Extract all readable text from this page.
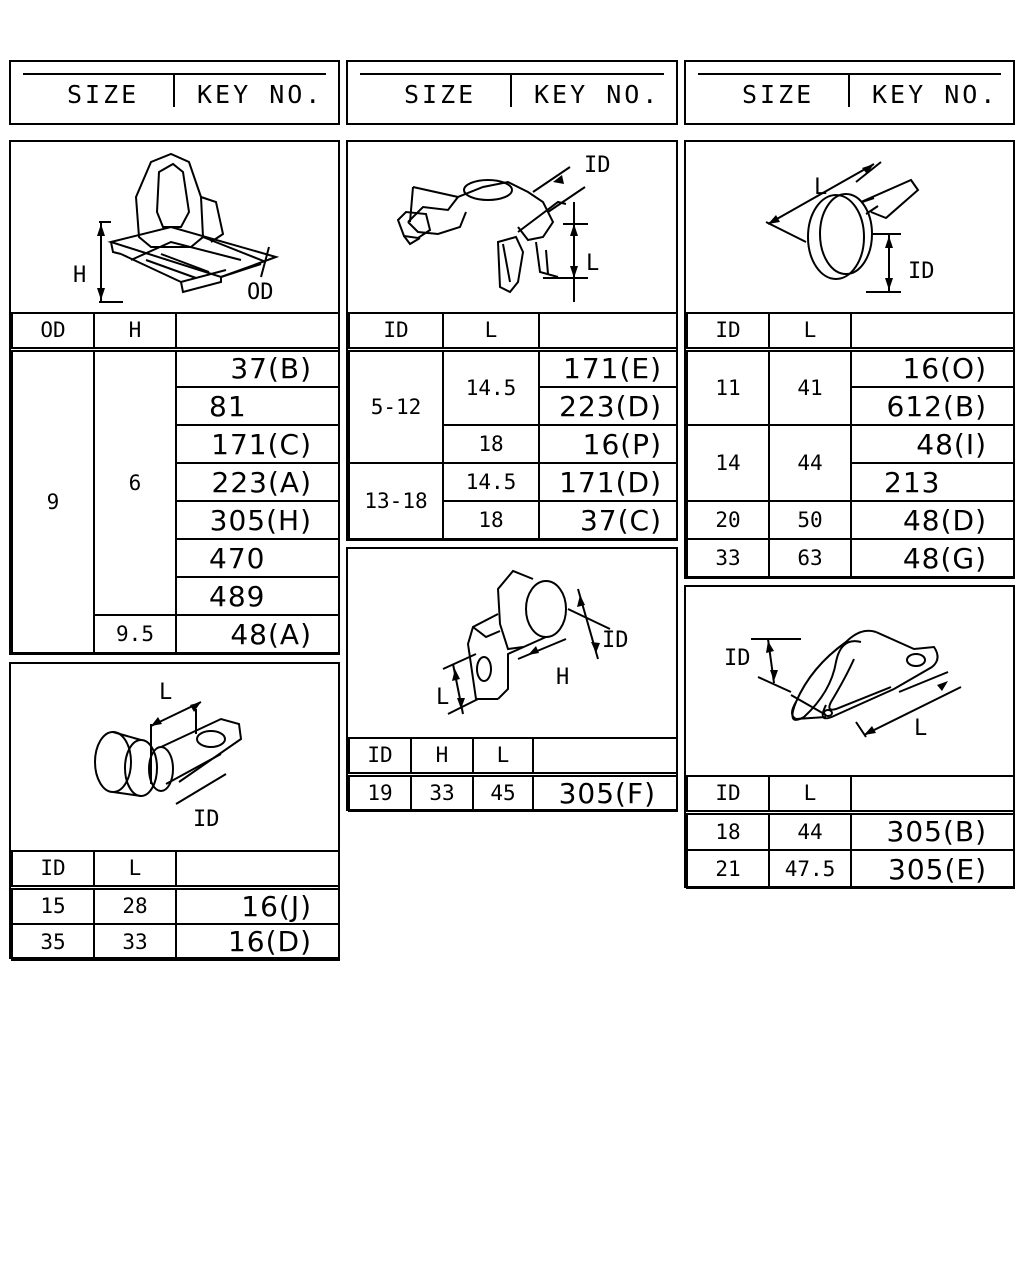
SIZE KEY NO.	SIZE KEY NO.	SIZE KEY NO.
H
OD
OD	H	
9	6	37(B)
		81
		171(C)
		223(A)
		305(H)
		470
		489
	9.5	48(A)
L
ID
ID	L	
15	28	16(J)
35	33	16(D)
ID
L
ID	L	
5-12	14.5	171(E)
		223(D)
	18	16(P)
13-18	14.5	171(D)
	18	37(C)
ID
H
L
ID	H	L	
19	33	45	305(F)
L
ID
ID	L	
11	41	16(O)
		612(B)
14	44	48(I)
		213
20	50	48(D)
33	63	48(G)
ID
L
ID	L	
18	44	305(B)
21	47.5	305(E)
